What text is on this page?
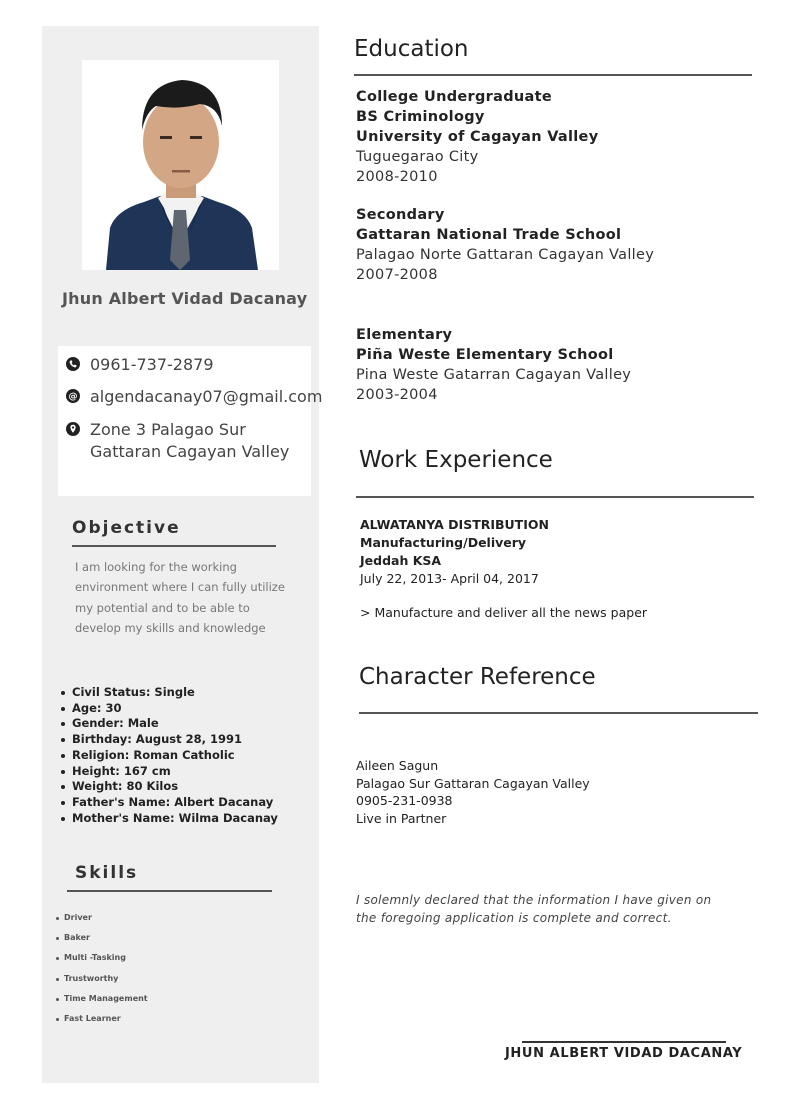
Jhun Albert Vidad Dacanay
0961-737-2879
@ algendacanay07@gmail.com
Zone 3 Palagao Sur
Gattaran Cagayan Valley
Objective
I am looking for the working
environment where I can fully utilize
my potential and to be able to
develop my skills and knowledge
Civil Status: Single
Age: 30
Gender: Male
Birthday: August 28, 1991
Religion: Roman Catholic
Height: 167 cm
Weight: 80 Kilos
Father's Name: Albert Dacanay
Mother's Name: Wilma Dacanay
Skills
Driver
Baker
Multi -Tasking
Trustworthy
Time Management
Fast Learner
Education
College Undergraduate
BS Criminology
University of Cagayan Valley
Tuguegarao City
2008-2010
Secondary
Gattaran National Trade School
Palagao Norte Gattaran Cagayan Valley
2007-2008
Elementary
Piña Weste Elementary School
Pina Weste Gatarran Cagayan Valley
2003-2004
Work Experience
ALWATANYA DISTRIBUTION
Manufacturing/Delivery
Jeddah KSA
July 22, 2013- April 04, 2017
> Manufacture and deliver all the news paper
Character Reference
Aileen Sagun
Palagao Sur Gattaran Cagayan Valley
0905-231-0938
Live in Partner
I solemnly declared that the information I have given on
the foregoing application is complete and correct.
JHUN ALBERT VIDAD DACANAY
